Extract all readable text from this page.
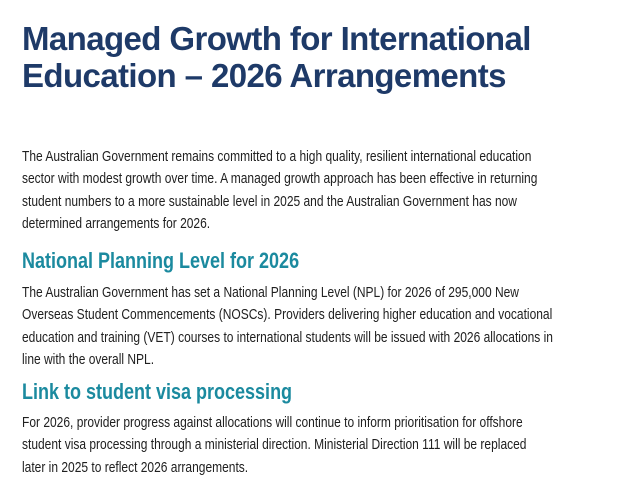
Managed Growth for International
Education – 2026 Arrangements
The Australian Government remains committed to a high quality, resilient international education
sector with modest growth over time. A managed growth approach has been effective in returning
student numbers to a more sustainable level in 2025 and the Australian Government has now
determined arrangements for 2026.
National Planning Level for 2026
The Australian Government has set a National Planning Level (NPL) for 2026 of 295,000 New
Overseas Student Commencements (NOSCs). Providers delivering higher education and vocational
education and training (VET) courses to international students will be issued with 2026 allocations in
line with the overall NPL.
Link to student visa processing
For 2026, provider progress against allocations will continue to inform prioritisation for offshore
student visa processing through a ministerial direction. Ministerial Direction 111 will be replaced
later in 2025 to reflect 2026 arrangements.
